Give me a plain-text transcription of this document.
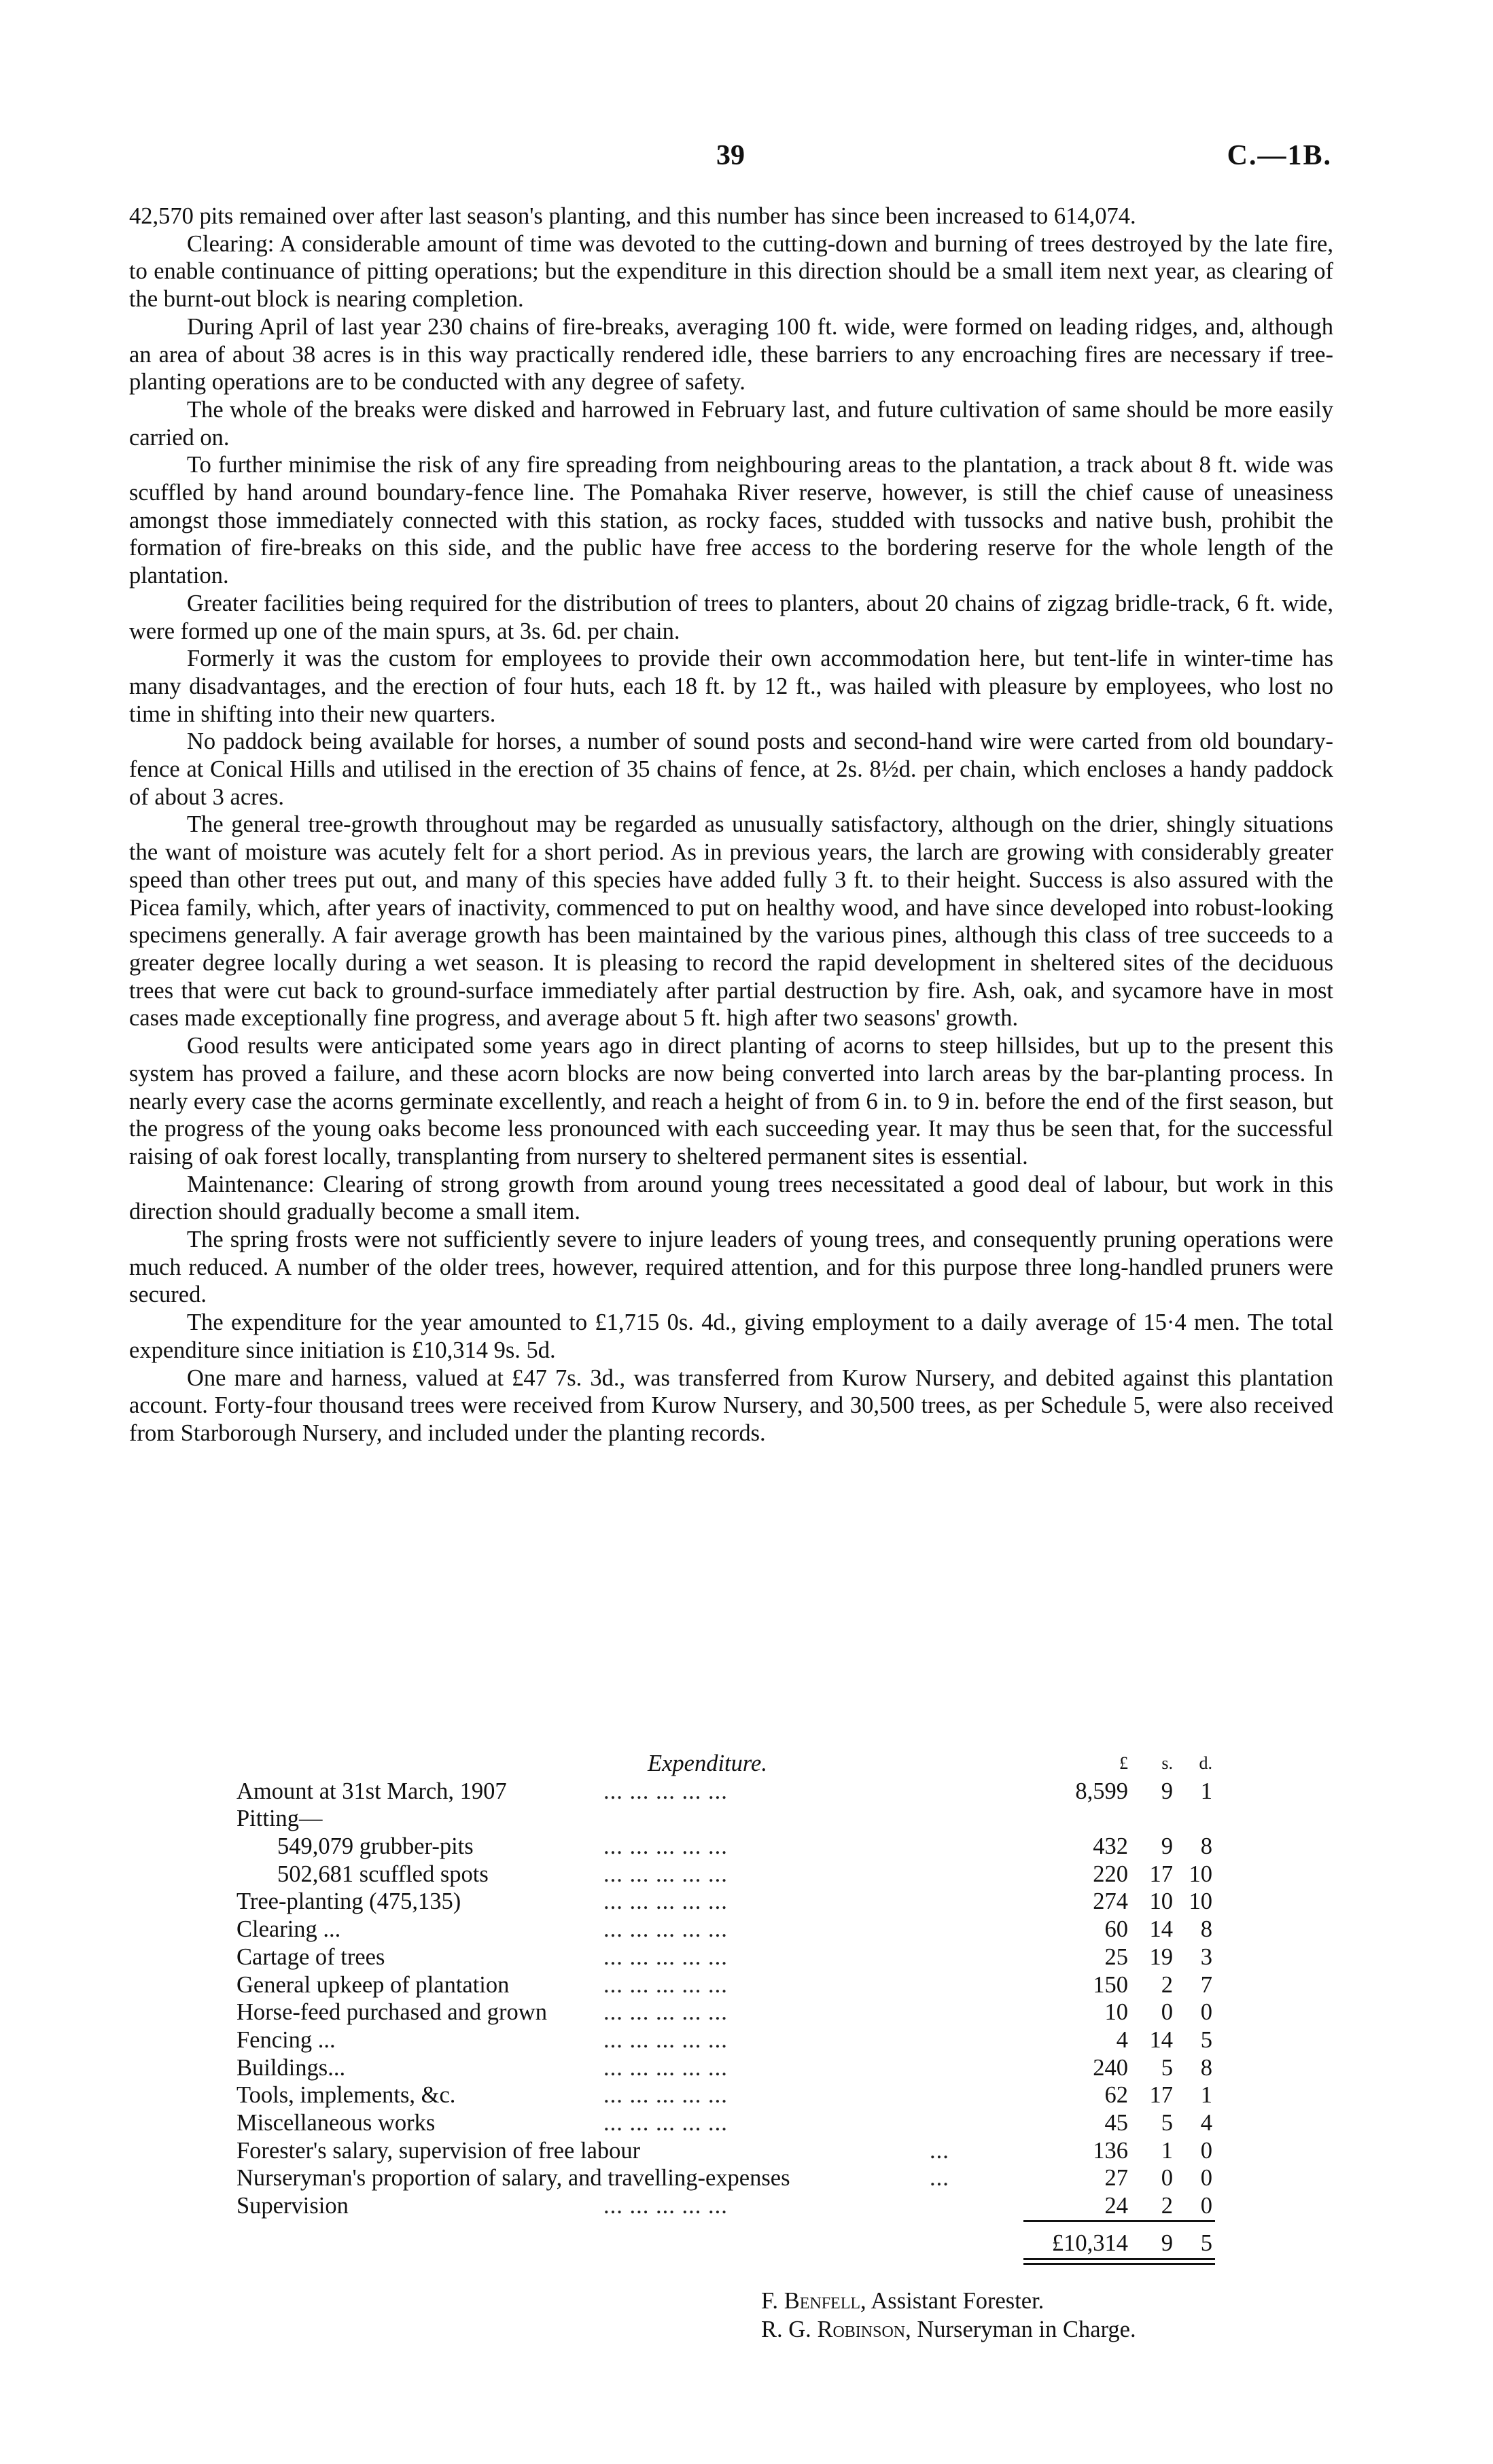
39	C.—1B.

42,570 pits remained over after last season's planting, and this number has since been increased to 614,074.

Clearing: A considerable amount of time was devoted to the cutting-down and burning of trees destroyed by the late fire, to enable continuance of pitting operations; but the expenditure in this direction should be a small item next year, as clearing of the burnt-out block is nearing completion.

During April of last year 230 chains of fire-breaks, averaging 100 ft. wide, were formed on leading ridges, and, although an area of about 38 acres is in this way practically rendered idle, these barriers to any encroaching fires are necessary if tree-planting operations are to be conducted with any degree of safety.

The whole of the breaks were disked and harrowed in February last, and future cultivation of same should be more easily carried on.

To further minimise the risk of any fire spreading from neighbouring areas to the plantation, a track about 8 ft. wide was scuffled by hand around boundary-fence line. The Pomahaka River reserve, however, is still the chief cause of uneasiness amongst those immediately connected with this station, as rocky faces, studded with tussocks and native bush, prohibit the formation of fire-breaks on this side, and the public have free access to the bordering reserve for the whole length of the plantation.

Greater facilities being required for the distribution of trees to planters, about 20 chains of zigzag bridle-track, 6 ft. wide, were formed up one of the main spurs, at 3s. 6d. per chain.

Formerly it was the custom for employees to provide their own accommodation here, but tent-life in winter-time has many disadvantages, and the erection of four huts, each 18 ft. by 12 ft., was hailed with pleasure by employees, who lost no time in shifting into their new quarters.

No paddock being available for horses, a number of sound posts and second-hand wire were carted from old boundary-fence at Conical Hills and utilised in the erection of 35 chains of fence, at 2s. 8½d. per chain, which encloses a handy paddock of about 3 acres.

The general tree-growth throughout may be regarded as unusually satisfactory, although on the drier, shingly situations the want of moisture was acutely felt for a short period. As in previous years, the larch are growing with considerably greater speed than other trees put out, and many of this species have added fully 3 ft. to their height. Success is also assured with the Picea family, which, after years of inactivity, commenced to put on healthy wood, and have since developed into robust-looking specimens generally. A fair average growth has been maintained by the various pines, although this class of tree succeeds to a greater degree locally during a wet season. It is pleasing to record the rapid development in sheltered sites of the deciduous trees that were cut back to ground-surface immediately after partial destruction by fire. Ash, oak, and sycamore have in most cases made exceptionally fine progress, and average about 5 ft. high after two seasons' growth.

Good results were anticipated some years ago in direct planting of acorns to steep hillsides, but up to the present this system has proved a failure, and these acorn blocks are now being converted into larch areas by the bar-planting process. In nearly every case the acorns germinate excellently, and reach a height of from 6 in. to 9 in. before the end of the first season, but the progress of the young oaks become less pronounced with each succeeding year. It may thus be seen that, for the successful raising of oak forest locally, transplanting from nursery to sheltered permanent sites is essential.

Maintenance: Clearing of strong growth from around young trees necessitated a good deal of labour, but work in this direction should gradually become a small item.

The spring frosts were not sufficiently severe to injure leaders of young trees, and consequently pruning operations were much reduced. A number of the older trees, however, required attention, and for this purpose three long-handled pruners were secured.

The expenditure for the year amounted to £1,715 0s. 4d., giving employment to a daily average of 15·4 men. The total expenditure since initiation is £10,314 9s. 5d.

One mare and harness, valued at £47 7s. 3d., was transferred from Kurow Nursery, and debited against this plantation account. Forty-four thousand trees were received from Kurow Nursery, and 30,500 trees, as per Schedule 5, were also received from Starborough Nursery, and included under the planting records.

Expenditure.	£	s.	d.
Amount at 31st March, 1907	... ... ... ... ...	8,599	9	1
Pitting—
549,079 grubber-pits	... ... ... ... ...	432	9	8
502,681 scuffled spots	... ... ... ... ...	220 17 10
Tree-planting (475,135)	... ... ... ... ...	274 10 10
Clearing ...	... ... ... ... ...	60 14	8
Cartage of trees	... ... ... ... ...	25 19	3
General upkeep of plantation	... ... ... ... ...	150	2	7
Horse-feed purchased and grown ... ... ... ... ...	10	0	0
Fencing ...	... ... ... ... ...	4 14	5
Buildings...	... ... ... ... ...	240	5	8
Tools, implements, &c.	... ... ... ... ...	62 17	1
Miscellaneous works	... ... ... ... ...	45	5	4
Forester's salary, supervision of free labour	...	136	1	0
Nurseryman's proportion of salary, and travelling-expenses	...	27	0	0
Supervision	... ... ... ... ...	24	2	0
£10,314	9	5
F. Benfell, Assistant Forester.
R. G. Robinson, Nurseryman in Charge.
